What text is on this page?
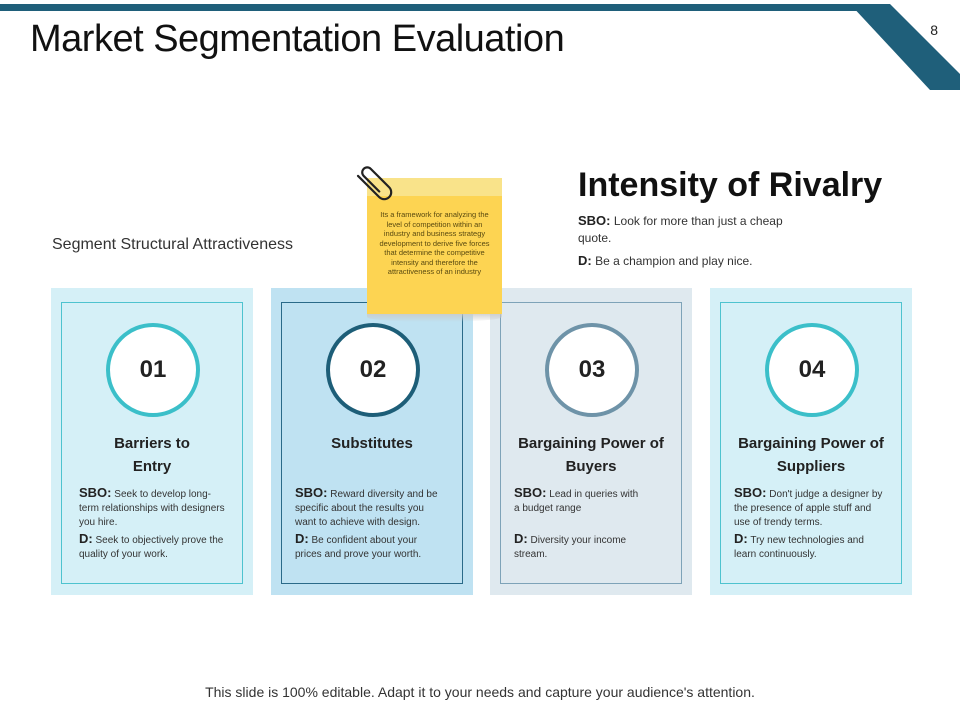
8
Market Segmentation Evaluation
Segment Structural Attractiveness
01
Barriers to Entry
SBO: Seek to develop long-term relationships with designers you hire.
D: Seek to objectively prove the quality of your work.
02
Substitutes
SBO: Reward diversity and be specific about the results you want to achieve with design.
D: Be confident about your prices and prove your worth.
03
Bargaining Power of Buyers
SBO: Lead in queries with a budget range
D: Diversity your income stream.
04
Bargaining Power of Suppliers
SBO: Don't judge a designer by the presence of apple stuff and use of trendy terms.
D: Try new technologies and learn continuously.
Its a framework for analyzing the level of competition within an industry and business strategy development to derive five forces that determine the competitive intensity and therefore the attractiveness of an industry
Intensity of Rivalry
SBO: Look for more than just a cheap quote.
D: Be a champion and play nice.
This slide is 100% editable. Adapt it to your needs and capture your audience's attention.
